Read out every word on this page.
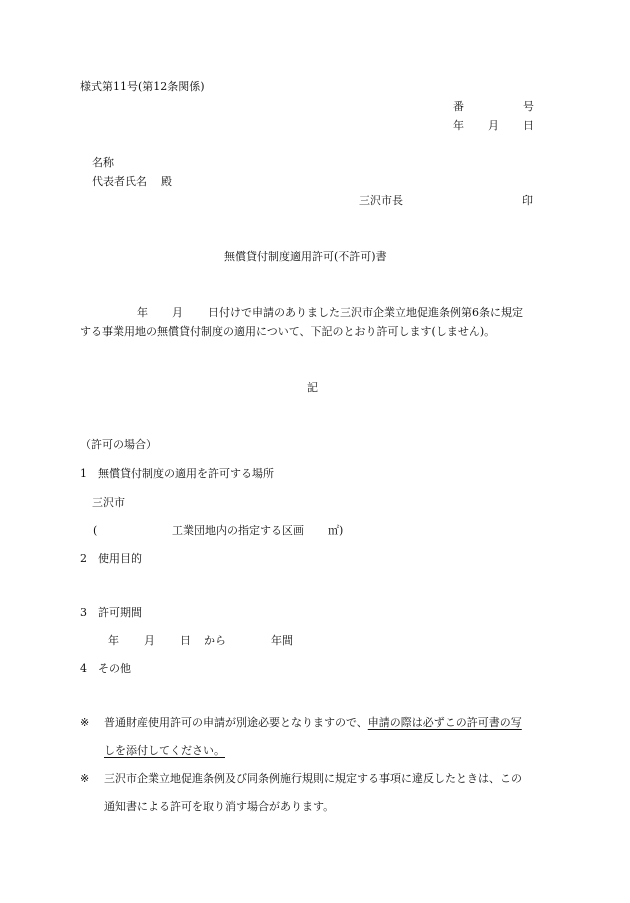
様式第11号(第12条関係)
番	号
年 月 日
名称
代表者氏名 殿
三沢市長	印
無償貸付制度適用許可(不許可)書
年 月 日付けで申請のありました三沢市企業立地促進条例第6条に規定
する事業用地の無償貸付制度の適用について、下記のとおり許可します(しません)。
記
（許可の場合）
1　無償貸付制度の適用を許可する場所
三沢市
(	工業団地内の指定する区画 ㎡)
2　使用目的
3　許可期間
年 月 日 から	年間
4　その他
※ 普通財産使用許可の申請が別途必要となりますので、申請の際は必ずこの許可書の写
しを添付してください。
※ 三沢市企業立地促進条例及び同条例施行規則に規定する事項に違反したときは、この
通知書による許可を取り消す場合があります。
